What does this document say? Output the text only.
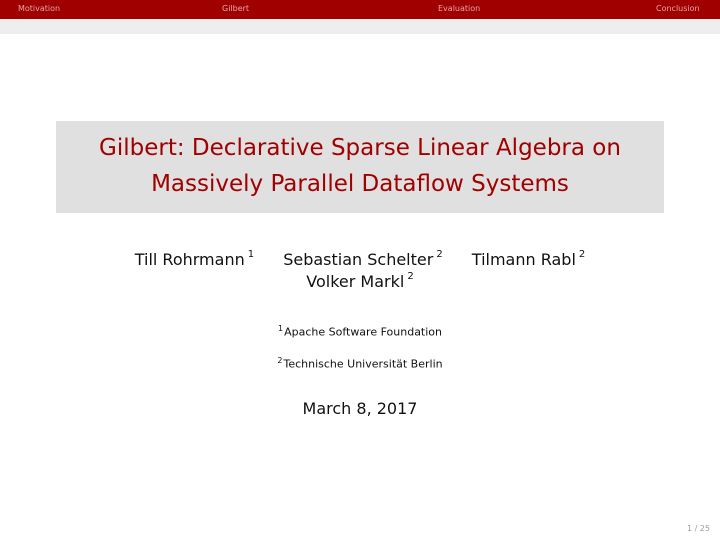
Motivation	Gilbert	Evaluation	Conclusion
Gilbert: Declarative Sparse Linear Algebra on
Massively Parallel Dataflow Systems
Till Rohrmann $^1$ Sebastian Schelter $^2$ Tilmann Rabl $^2$
Volker Markl $^2$
$^1$Apache Software Foundation
$^2$Technische Universität Berlin
March 8, 2017
1 / 25
